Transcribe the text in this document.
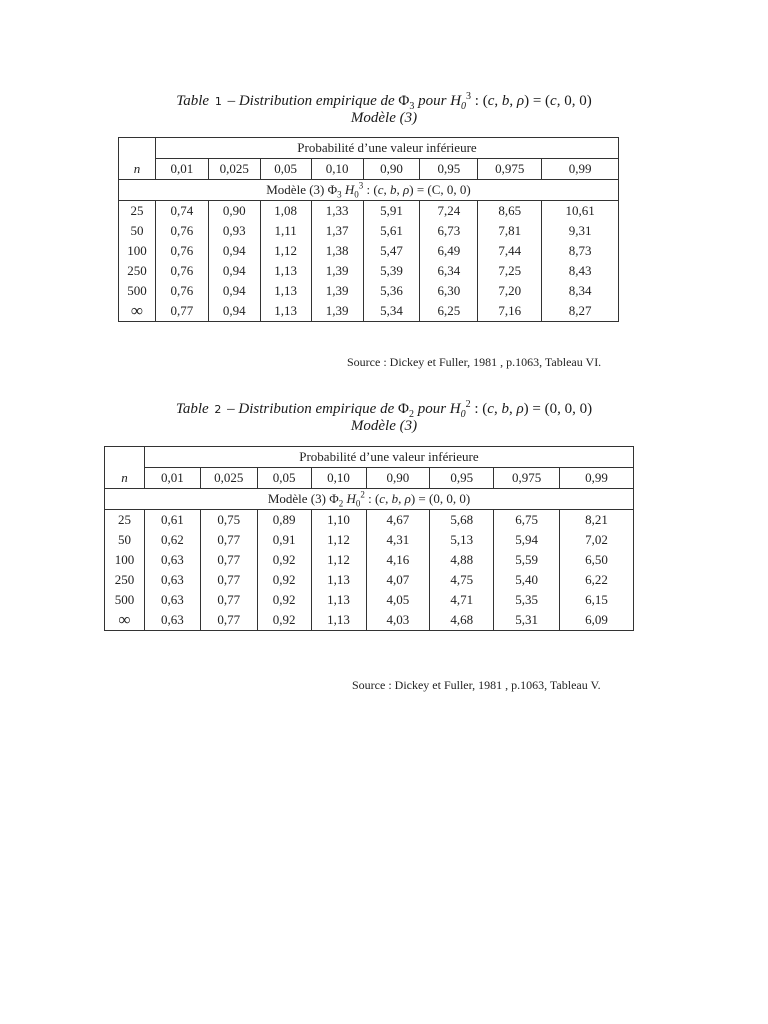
Table 1 – Distribution empirique de $\Phi_3$ pour $H_0^3$ : (c, b, ρ) = (c, 0, 0)
Modèle (3)
	Probabilité d’une valeur inférieure							
n	0,01	0,025	0,05	0,10	0,90	0,95	0,975	0,99
Modèle (3) $\Phi_3$ $H_0^3$ : (c, b, ρ) = (C, 0, 0)								
25	0,74	0,90	1,08	1,33	5,91	7,24	8,65	10,61
50	0,76	0,93	1,11	1,37	5,61	6,73	7,81	9,31
100	0,76	0,94	1,12	1,38	5,47	6,49	7,44	8,73
250	0,76	0,94	1,13	1,39	5,39	6,34	7,25	8,43
500	0,76	0,94	1,13	1,39	5,36	6,30	7,20	8,34
∞	0,77	0,94	1,13	1,39	5,34	6,25	7,16	8,27
Source : Dickey et Fuller, 1981 , p.1063, Tableau VI.
Table 2 – Distribution empirique de $\Phi_2$ pour $H_0^2$ : (c, b, ρ) = (0, 0, 0)
Modèle (3)
	Probabilité d’une valeur inférieure							
n	0,01	0,025	0,05	0,10	0,90	0,95	0,975	0,99
Modèle (3) $\Phi_2$ $H_0^2$ : (c, b, ρ) = (0, 0, 0)								
25	0,61	0,75	0,89	1,10	4,67	5,68	6,75	8,21
50	0,62	0,77	0,91	1,12	4,31	5,13	5,94	7,02
100	0,63	0,77	0,92	1,12	4,16	4,88	5,59	6,50
250	0,63	0,77	0,92	1,13	4,07	4,75	5,40	6,22
500	0,63	0,77	0,92	1,13	4,05	4,71	5,35	6,15
∞	0,63	0,77	0,92	1,13	4,03	4,68	5,31	6,09
Source : Dickey et Fuller, 1981 , p.1063, Tableau V.
